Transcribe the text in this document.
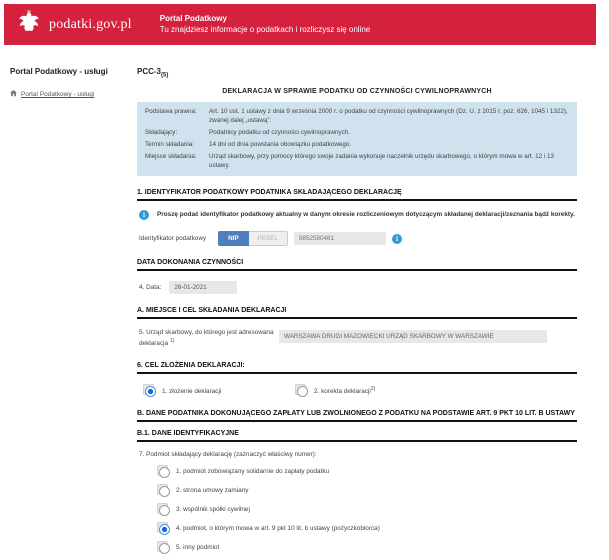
podatki.gov.pl	Portal Podatkowy
Tu znajdziesz informacje o podatkach i rozliczysz się online
Portal Podatkowy - usługi
Portal Podatkowy - usługi
PCC-$3_{(5)}$
DEKLARACJA W SPRAWIE PODATKU OD CZYNNOŚCI CYWILNOPRAWNYCH
Podstawa prawna:	Art. 10 ust. 1 ustawy z dnia 9 września 2000 r. o podatku od czynności cywilnoprawnych (Dz. U. z 2015 r. poz. 626, 1045 i 1322), zwanej dalej „ustawą”.
Składający:	Podatnicy podatku od czynności cywilnoprawnych.
Termin składania:	14 dni od dnia powstania obowiązku podatkowego.
Miejsce składania:	Urząd skarbowy, przy pomocy którego swoje zadania wykonuje naczelnik urzędu skarbowego, o którym mowa w art. 12 i 13 ustawy.
1. IDENTYFIKATOR PODATKOWY PODATNIKA SKŁADAJĄCEGO DEKLARACJĘ
i	Proszę podać identyfikator podatkowy aktualny w danym okresie rozliczeniowym dotyczącym składanej deklaracji/zeznania bądź korekty.
Identyfikator podatkowy	NIP	PESEL
8852580481	i
DATA DOKONANIA CZYNNOŚCI
4. Data:
26-01-2021
A. MIEJSCE I CEL SKŁADANIA DEKLARACJI
5. Urząd skarbowy, do którego jest adresowana deklaracja $^{1)}$
WARSZAWA DRUGI MAZOWIECKI URZĄD SKARBOWY W WARSZAWIE
6. CEL ZŁOŻENIA DEKLARACJI:
1. złożenie deklaracji	2. korekta deklaracji$^{2)}$
B. DANE PODATNIKA DOKONUJĄCEGO ZAPŁATY LUB ZWOLNIONEGO Z PODATKU NA PODSTAWIE ART. 9 PKT 10 LIT. B USTAWY
B.1. DANE IDENTYFIKACYJNE
7. Podmiot składający deklarację (zaznaczyć właściwy numer):
1. podmiot zobowiązany solidarnie do zapłaty podatku
2. strona umowy zamiany
3. wspólnik spółki cywilnej
4. podmiot, o którym mowa w art. 9 pkt 10 lit. b ustawy (pożyczkobiorca)
5. inny podmiot
